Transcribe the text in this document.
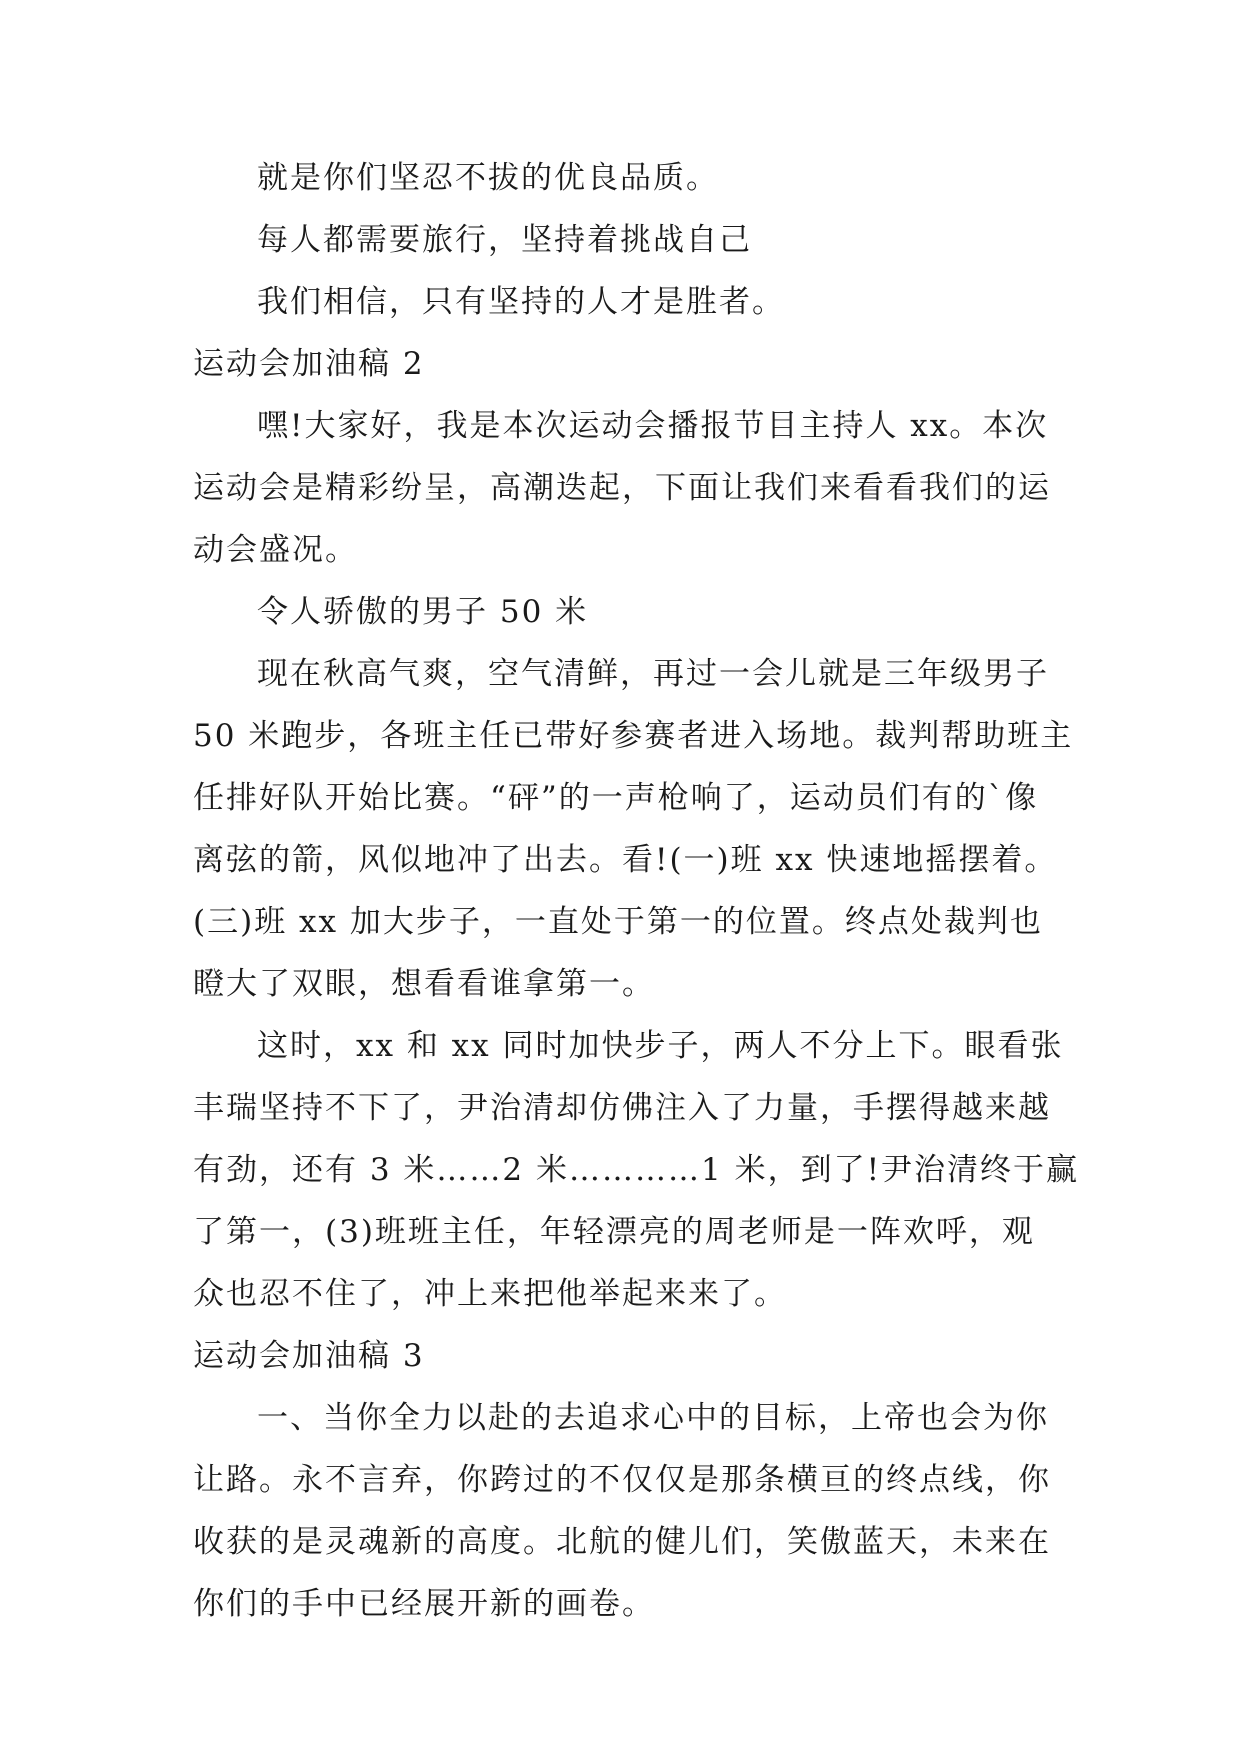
就是你们坚忍不拔的优良品质。

每人都需要旅行，坚持着挑战自己

我们相信，只有坚持的人才是胜者。

运动会加油稿 2

嘿!大家好，我是本次运动会播报节目主持人 xx。本次

运动会是精彩纷呈，高潮迭起，下面让我们来看看我们的运

动会盛况。

令人骄傲的男子 50 米

现在秋高气爽，空气清鲜，再过一会儿就是三年级男子

50 米跑步，各班主任已带好参赛者进入场地。裁判帮助班主

任排好队开始比赛。“砰”的一声枪响了，运动员们有的`像

离弦的箭，风似地冲了出去。看!(一)班 xx 快速地摇摆着。

(三)班 xx 加大步子，一直处于第一的位置。终点处裁判也

瞪大了双眼，想看看谁拿第一。

这时，xx 和 xx 同时加快步子，两人不分上下。眼看张

丰瑞坚持不下了，尹治清却仿佛注入了力量，手摆得越来越

有劲，还有 3 米……2 米…………1 米，到了!尹治清终于赢

了第一，(3)班班主任，年轻漂亮的周老师是一阵欢呼，观

众也忍不住了，冲上来把他举起来来了。

运动会加油稿 3

一、当你全力以赴的去追求心中的目标，上帝也会为你

让路。永不言弃，你跨过的不仅仅是那条横亘的终点线，你

收获的是灵魂新的高度。北航的健儿们，笑傲蓝天，未来在

你们的手中已经展开新的画卷。
